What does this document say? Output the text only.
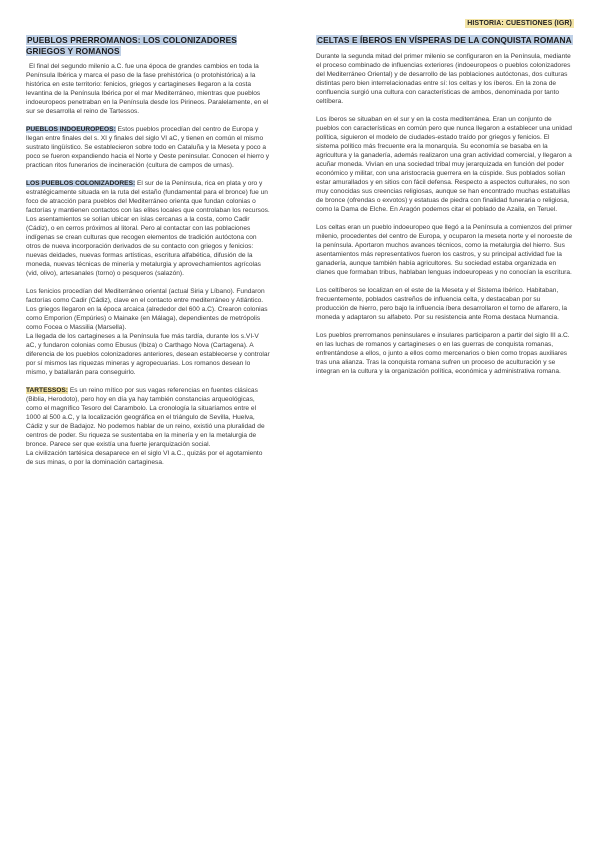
HISTORIA: CUESTIONES (IGR)
PUEBLOS PRERROMANOS: LOS COLONIZADORES GRIEGOS Y ROMANOS

El final del segundo milenio a.C. fue una época de grandes cambios en toda la Península Ibérica y marca el paso de la fase prehistórica (o protohistórica) a la histórica en este territorio: fenicios, griegos y cartagineses llegaron a la costa levantina de la Península Ibérica por el mar Mediterráneo, mientras que pueblos indoeuropeos penetraban en la Península desde los Pirineos. Paralelamente, en el sur se desarrolla el reino de Tartessos.

PUEBLOS INDOEUROPEOS: Estos pueblos procedían del centro de Europa y llegan entre finales del s. XI y finales del siglo VI aC, y tienen en común el mismo sustrato lingüístico. Se establecieron sobre todo en Cataluña y la Meseta y poco a poco se fueron expandiendo hacia el Norte y Oeste peninsular. Conocen el hierro y practican ritos funerarios de incineración (cultura de campos de urnas).

LOS PUEBLOS COLONIZADORES: El sur de la Península, rica en plata y oro y estratégicamente situada en la ruta del estaño (fundamental para el bronce) fue un foco de atracción para pueblos del Mediterráneo orienta que fundan colonias o factorías y mantienen contactos con las elites locales que controlaban los recursos. Los asentamientos se solían ubicar en islas cercanas a la costa, como Cadir (Cádiz), o en cerros próximos al litoral. Pero al contactar con las poblaciones indígenas se crean culturas que recogen elementos de tradición autóctona con otros de nueva incorporación derivados de su contacto con griegos y fenicios: nuevas deidades, nuevas formas artísticas, escritura alfabética, difusión de la moneda, nuevas técnicas de minería y metalurgia y aprovechamientos agrícolas (vid, olivo), artesanales (torno) o pesqueros (salazón).

Los fenicios procedían del Mediterráneo oriental (actual Siria y Líbano). Fundaron factorías como Cadir (Cádiz), clave en el contacto entre mediterráneo y Atlántico.

Los griegos llegaron en la época arcaica (alrededor del 600 a.C). Crearon colonias como Emporion (Empúries) o Mainake (en Málaga), dependientes de metrópolis como Focea o Massilia (Marsella).

La llegada de los cartagineses a la Península fue más tardía, durante los s.VI-V aC, y fundaron colonias como Ebusus (Ibiza) o Carthago Nova (Cartagena). A diferencia de los pueblos colonizadores anteriores, desean establecerse y controlar por sí mismos las riquezas mineras y agropecuarias. Los romanos desean lo mismo, y batallarán para conseguirlo.

TARTESSOS: Es un reino mítico por sus vagas referencias en fuentes clásicas (Biblia, Herodoto), pero hoy en día ya hay también constancias arqueológicas, como el magnífico Tesoro del Carambolo. La cronología la situaríamos entre el 1000 al 500 a.C, y la localización geográfica en el triángulo de Sevilla, Huelva, Cádiz y sur de Badajoz. No podemos hablar de un reino, existió una pluralidad de centros de poder. Su riqueza se sustentaba en la minería y en la metalurgia de bronce. Parece ser que existía una fuerte jerarquización social.

La civilización tartésica desaparece en el siglo VI a.C., quizás por el agotamiento de sus minas, o por la dominación cartaginesa.

CELTAS E ÍBEROS EN VÍSPERAS DE LA CONQUISTA ROMANA

Durante la segunda mitad del primer milenio se configuraron en la Península, mediante el proceso combinado de influencias exteriores (indoeuropeos o pueblos colonizadores del Mediterráneo Oriental) y de desarrollo de las poblaciones autóctonas, dos culturas distintas pero bien interrelacionadas entre sí: los celtas y los íberos. En la zona de confluencia surgió una cultura con características de ambos, denominada por tanto celtíbera.

Los íberos se situaban en el sur y en la costa mediterránea. Eran un conjunto de pueblos con características en común pero que nunca llegaron a establecer una unidad política, siguieron el modelo de ciudades-estado traído por griegos y fenicios. El sistema político más frecuente era la monarquía. Su economía se basaba en la agricultura y la ganadería, además realizaron una gran actividad comercial, y llegaron a acuñar moneda. Vivían en una sociedad tribal muy jerarquizada en función del poder económico y militar, con una aristocracia guerrera en la cúspide. Sus poblados solían estar amurallados y en sitios con fácil defensa. Respecto a aspectos culturales, no son muy conocidas sus creencias religiosas, aunque se han encontrado muchas estatuillas de bronce (ofrendas o exvotos) y estatuas de piedra con finalidad funeraria o religiosa, como la Dama de Elche. En Aragón podemos citar el poblado de Azaila, en Teruel.

Los celtas eran un pueblo indoeuropeo que llegó a la Península a comienzos del primer milenio, procedentes del centro de Europa, y ocuparon la meseta norte y el noroeste de la península. Aportaron muchos avances técnicos, como la metalurgia del hierro. Sus asentamientos más representativos fueron los castros, y su principal actividad fue la ganadería, aunque también había agricultores. Su sociedad estaba organizada en clanes que formaban tribus, hablaban lenguas indoeuropeas y no conocían la escritura.

Los celtíberos se localizan en el este de la Meseta y el Sistema Ibérico. Habitaban, frecuentemente, poblados castreños de influencia celta, y destacaban por su producción de hierro, pero bajo la influencia íbera desarrollaron el torno de alfarero, la moneda y adaptaron su alfabeto. Por su resistencia ante Roma destaca Numancia.

Los pueblos prerromanos peninsulares e insulares participaron a partir del siglo III a.C. en las luchas de romanos y cartagineses o en las guerras de conquista romanas, enfrentándose a ellos, o junto a ellos como mercenarios o bien como tropas auxiliares tras una alianza. Tras la conquista romana sufren un proceso de aculturación y se integran en la cultura y la organización política, económica y administrativa romana.
